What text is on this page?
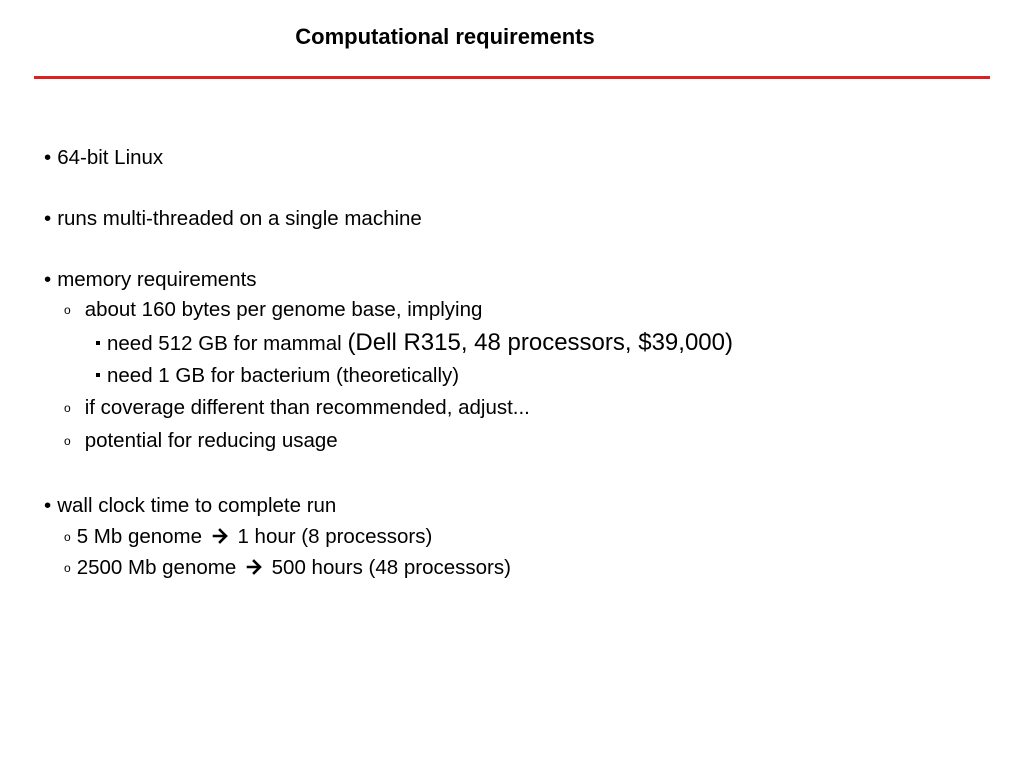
Computational requirements
• 64-bit Linux
• runs multi-threaded on a single machine
• memory requirements
o about 160 bytes per genome base, implying
need 512 GB for mammal (Dell R315, 48 processors, $39,000)
need 1 GB for bacterium (theoretically)
o if coverage different than recommended, adjust...
o potential for reducing usage
• wall clock time to complete run
o 5 Mb genome 1 hour (8 processors)
o 2500 Mb genome 500 hours (48 processors)
